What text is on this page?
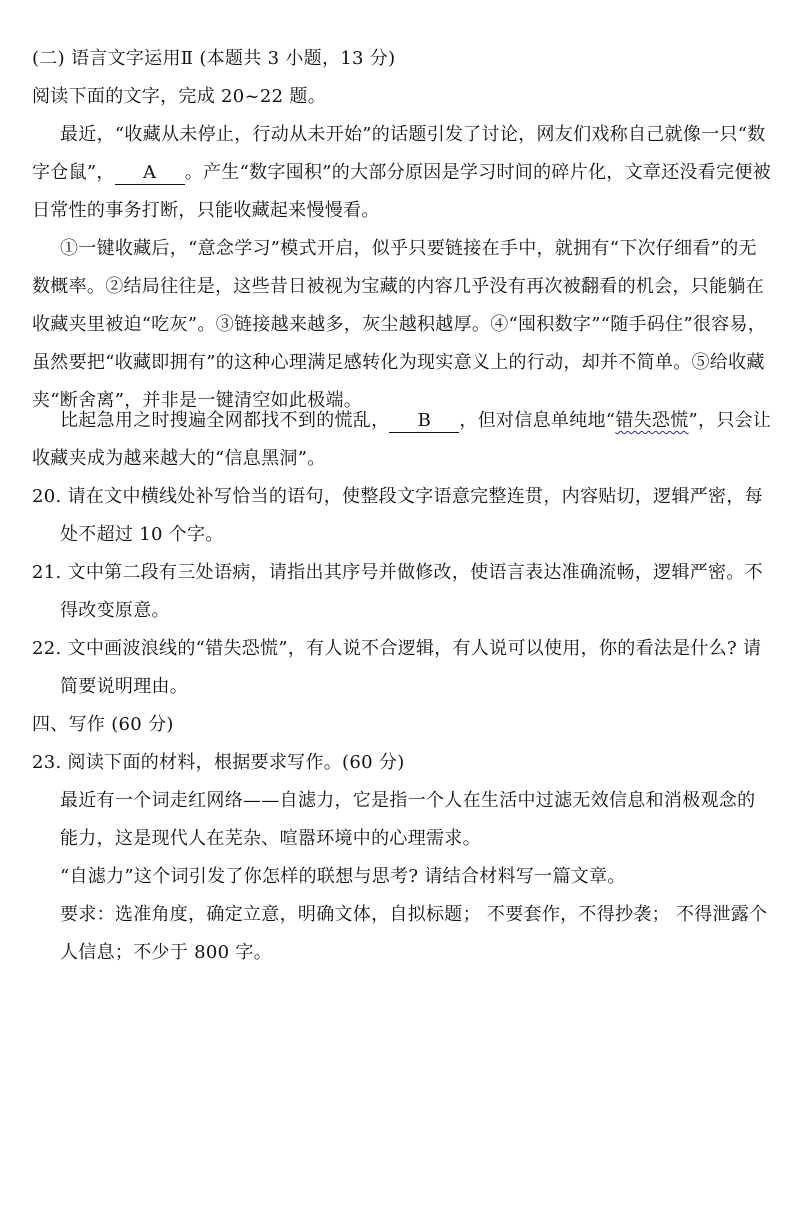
(二) 语言文字运用Ⅱ (本题共 3 小题，13 分)
阅读下面的文字，完成 20~22 题。
最近，“收藏从未停止，行动从未开始”的话题引发了讨论，网友们戏称自己就像一只“数
字仓鼠”， A 。产生“数字囤积”的大部分原因是学习时间的碎片化，文章还没看完便被
日常性的事务打断，只能收藏起来慢慢看。
①一键收藏后，“意念学习”模式开启，似乎只要链接在手中，就拥有“下次仔细看”的无
数概率。②结局往往是，这些昔日被视为宝藏的内容几乎没有再次被翻看的机会，只能躺在
收藏夹里被迫“吃灰”。③链接越来越多，灰尘越积越厚。④“囤积数字”“随手码住”很容易，
虽然要把“收藏即拥有”的这种心理满足感转化为现实意义上的行动，却并不简单。⑤给收藏
夹“断舍离”，并非是一键清空如此极端。
比起急用之时搜遍全网都找不到的慌乱， B ，但对信息单纯地“错失恐慌”，只会让
收藏夹成为越来越大的“信息黑洞”。
20. 请在文中横线处补写恰当的语句，使整段文字语意完整连贯，内容贴切，逻辑严密，每
处不超过 10 个字。
21. 文中第二段有三处语病，请指出其序号并做修改，使语言表达准确流畅，逻辑严密。不
得改变原意。
22. 文中画波浪线的“错失恐慌”，有人说不合逻辑，有人说可以使用，你的看法是什么? 请
简要说明理由。
四、写作 (60 分)
23. 阅读下面的材料，根据要求写作。(60 分)
最近有一个词走红网络——自滤力，它是指一个人在生活中过滤无效信息和消极观念的
能力，这是现代人在芜杂、喧嚣环境中的心理需求。
“自滤力”这个词引发了你怎样的联想与思考? 请结合材料写一篇文章。
要求：选准角度，确定立意，明确文体，自拟标题； 不要套作，不得抄袭； 不得泄露个
人信息；不少于 800 字。
